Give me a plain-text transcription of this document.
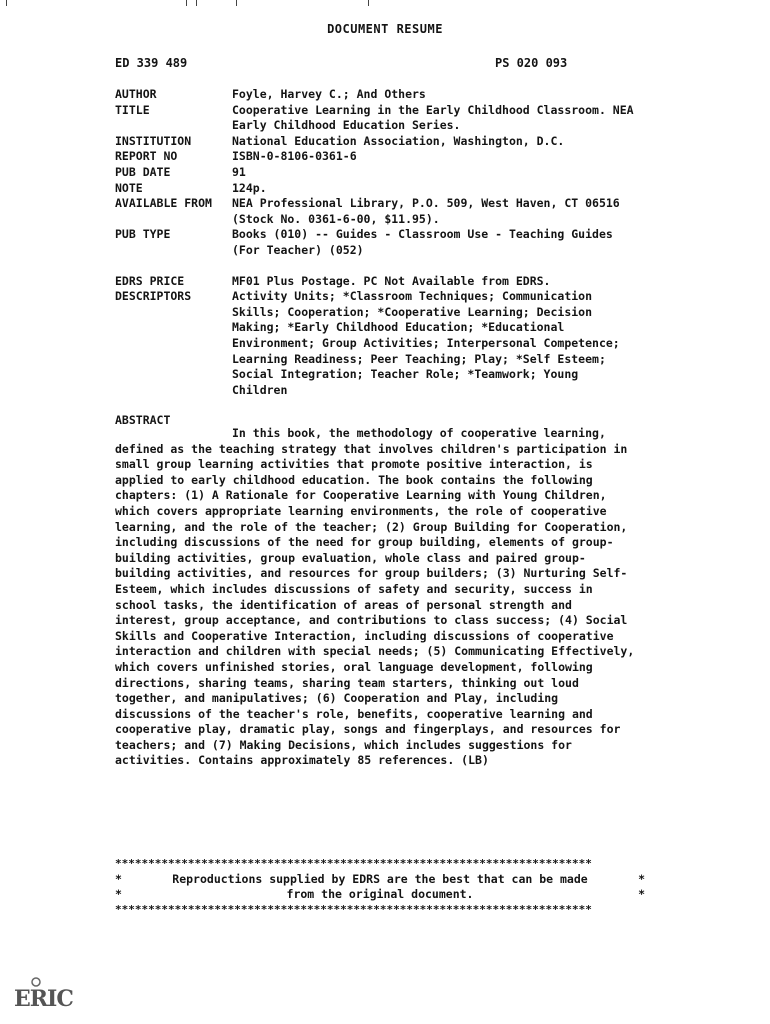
DOCUMENT RESUME
ED 339 489	PS 020 093
AUTHOR	Foyle, Harvey C.; And Others
TITLE	Cooperative Learning in the Early Childhood Classroom. NEA Early Childhood Education Series.
INSTITUTION	National Education Association, Washington, D.C.
REPORT NO	ISBN-0-8106-0361-6
PUB DATE	91
NOTE	124p.
AVAILABLE FROM	NEA Professional Library, P.O. 509, West Haven, CT 06516 (Stock No. 0361-6-00, $11.95).
PUB TYPE	Books (010) -- Guides - Classroom Use - Teaching Guides (For Teacher) (052)
EDRS PRICE	MF01 Plus Postage. PC Not Available from EDRS.
DESCRIPTORS	Activity Units; *Classroom Techniques; Communication Skills; Cooperation; *Cooperative Learning; Decision Making; *Early Childhood Education; *Educational Environment; Group Activities; Interpersonal Competence; Learning Readiness; Peer Teaching; Play; *Self Esteem; Social Integration; Teacher Role; *Teamwork; Young Children
ABSTRACT
In this book, the methodology of cooperative learning, defined as the teaching strategy that involves children's participation in small group learning activities that promote positive interaction, is applied to early childhood education. The book contains the following chapters: (1) A Rationale for Cooperative Learning with Young Children, which covers appropriate learning environments, the role of cooperative learning, and the role of the teacher; (2) Group Building for Cooperation, including discussions of the need for group building, elements of group-building activities, group evaluation, whole class and paired group-building activities, and resources for group builders; (3) Nurturing Self-Esteem, which includes discussions of safety and security, success in school tasks, the identification of areas of personal strength and interest, group acceptance, and contributions to class success; (4) Social Skills and Cooperative Interaction, including discussions of cooperative interaction and children with special needs; (5) Communicating Effectively, which covers unfinished stories, oral language development, following directions, sharing teams, sharing team starters, thinking out loud together, and manipulatives; (6) Cooperation and Play, including discussions of the teacher's role, benefits, cooperative learning and cooperative play, dramatic play, songs and fingerplays, and resources for teachers; and (7) Making Decisions, which includes suggestions for activities. Contains approximately 85 references. (LB)
************************************************************************
*	Reproductions supplied by EDRS are the best that can be made	*
*	from the original document.	*
************************************************************************
ERIC
